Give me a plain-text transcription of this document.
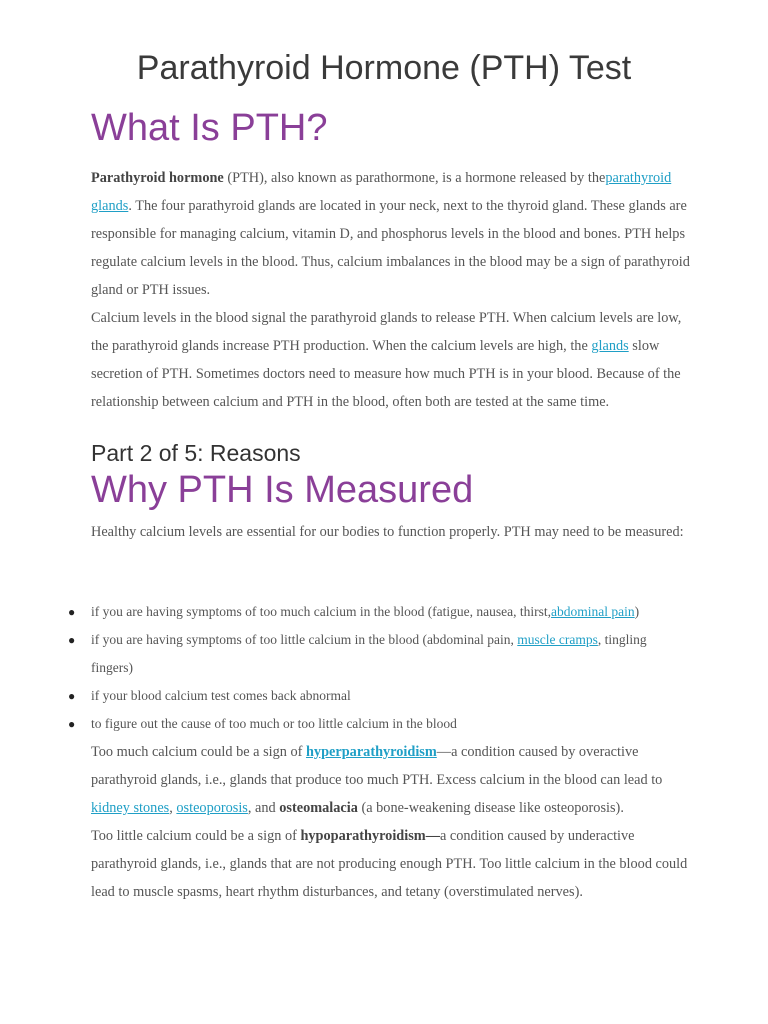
Parathyroid Hormone (PTH) Test
What Is PTH?

Parathyroid hormone (PTH), also known as parathormone, is a hormone released by theparathyroid glands. The four parathyroid glands are located in your neck, next to the thyroid gland. These glands are responsible for managing calcium, vitamin D, and phosphorus levels in the blood and bones. PTH helps regulate calcium levels in the blood. Thus, calcium imbalances in the blood may be a sign of parathyroid gland or PTH issues.

Calcium levels in the blood signal the parathyroid glands to release PTH. When calcium levels are low, the parathyroid glands increase PTH production. When the calcium levels are high, the glands slow secretion of PTH. Sometimes doctors need to measure how much PTH is in your blood. Because of the relationship between calcium and PTH in the blood, often both are tested at the same time.

Part 2 of 5: Reasons
Why PTH Is Measured

Healthy calcium levels are essential for our bodies to function properly. PTH may need to be measured:

● if you are having symptoms of too much calcium in the blood (fatigue, nausea, thirst,abdominal pain)
● if you are having symptoms of too little calcium in the blood (abdominal pain, muscle cramps, tingling fingers)
● if your blood calcium test comes back abnormal
● to figure out the cause of too much or too little calcium in the blood

Too much calcium could be a sign of hyperparathyroidism—a condition caused by overactive parathyroid glands, i.e., glands that produce too much PTH. Excess calcium in the blood can lead to kidney stones, osteoporosis, and osteomalacia (a bone-weakening disease like osteoporosis).

Too little calcium could be a sign of hypoparathyroidism—a condition caused by underactive parathyroid glands, i.e., glands that are not producing enough PTH. Too little calcium in the blood could lead to muscle spasms, heart rhythm disturbances, and tetany (overstimulated nerves).
